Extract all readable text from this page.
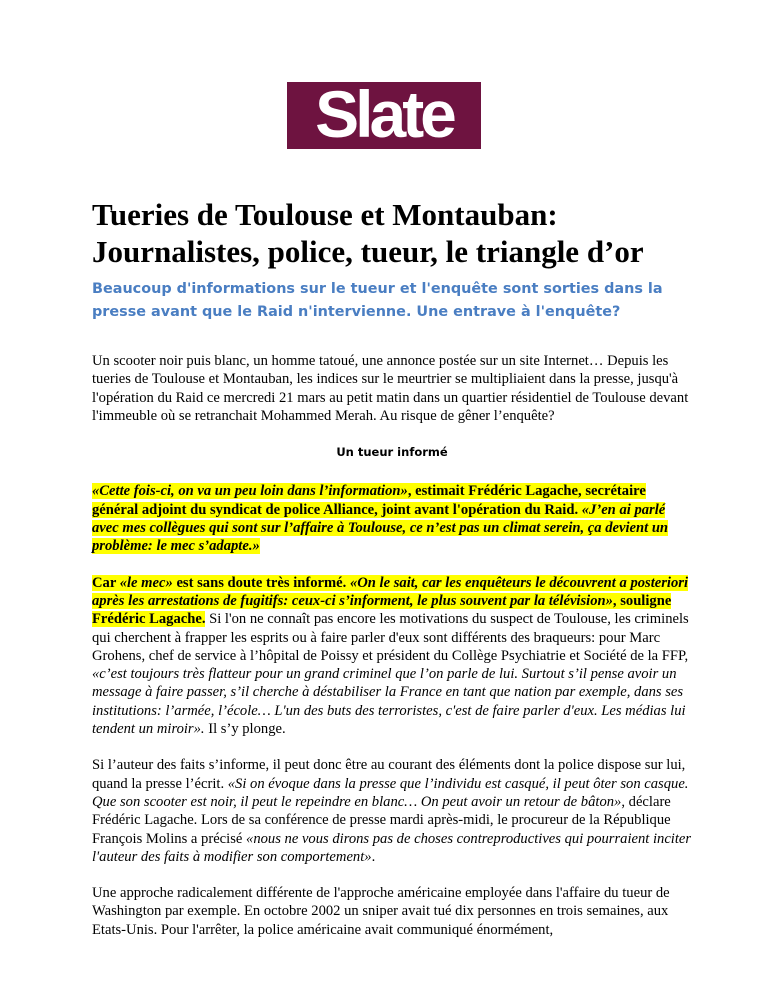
Slate
Tueries de Toulouse et Montauban: Journalistes, police, tueur, le triangle d’or
Beaucoup d'informations sur le tueur et l'enquête sont sorties dans la presse avant que le Raid n'intervienne. Une entrave à l'enquête?

Un scooter noir puis blanc, un homme tatoué, une annonce postée sur un site Internet… Depuis les tueries de Toulouse et Montauban, les indices sur le meurtrier se multipliaient dans la presse, jusqu'à l'opération du Raid ce mercredi 21 mars au petit matin dans un quartier résidentiel de Toulouse devant l'immeuble où se retranchait Mohammed Merah. Au risque de gêner l’enquête?

Un tueur informé

«Cette fois-ci, on va un peu loin dans l’information», estimait Frédéric Lagache, secrétaire général adjoint du syndicat de police Alliance, joint avant l'opération du Raid. «J’en ai parlé avec mes collègues qui sont sur l’affaire à Toulouse, ce n’est pas un climat serein, ça devient un problème: le mec s’adapte.»

Car «le mec» est sans doute très informé. «On le sait, car les enquêteurs le découvrent a posteriori après les arrestations de fugitifs: ceux-ci s’informent, le plus souvent par la télévision», souligne Frédéric Lagache. Si l'on ne connaît pas encore les motivations du suspect de Toulouse, les criminels qui cherchent à frapper les esprits ou à faire parler d'eux sont différents des braqueurs: pour Marc Grohens, chef de service à l’hôpital de Poissy et président du Collège Psychiatrie et Société de la FFP, «c’est toujours très flatteur pour un grand criminel que l’on parle de lui. Surtout s’il pense avoir un message à faire passer, s’il cherche à déstabiliser la France en tant que nation par exemple, dans ses institutions: l’armée, l’école… L'un des buts des terroristes, c'est de faire parler d'eux. Les médias lui tendent un miroir». Il s’y plonge.

Si l’auteur des faits s’informe, il peut donc être au courant des éléments dont la police dispose sur lui, quand la presse l’écrit. «Si on évoque dans la presse que l’individu est casqué, il peut ôter son casque. Que son scooter est noir, il peut le repeindre en blanc… On peut avoir un retour de bâton», déclare Frédéric Lagache. Lors de sa conférence de presse mardi après-midi, le procureur de la République François Molins a précisé «nous ne vous dirons pas de choses contreproductives qui pourraient inciter l'auteur des faits à modifier son comportement».

Une approche radicalement différente de l'approche américaine employée dans l'affaire du tueur de Washington par exemple. En octobre 2002 un sniper avait tué dix personnes en trois semaines, aux Etats-Unis. Pour l'arrêter, la police américaine avait communiqué énormément,
